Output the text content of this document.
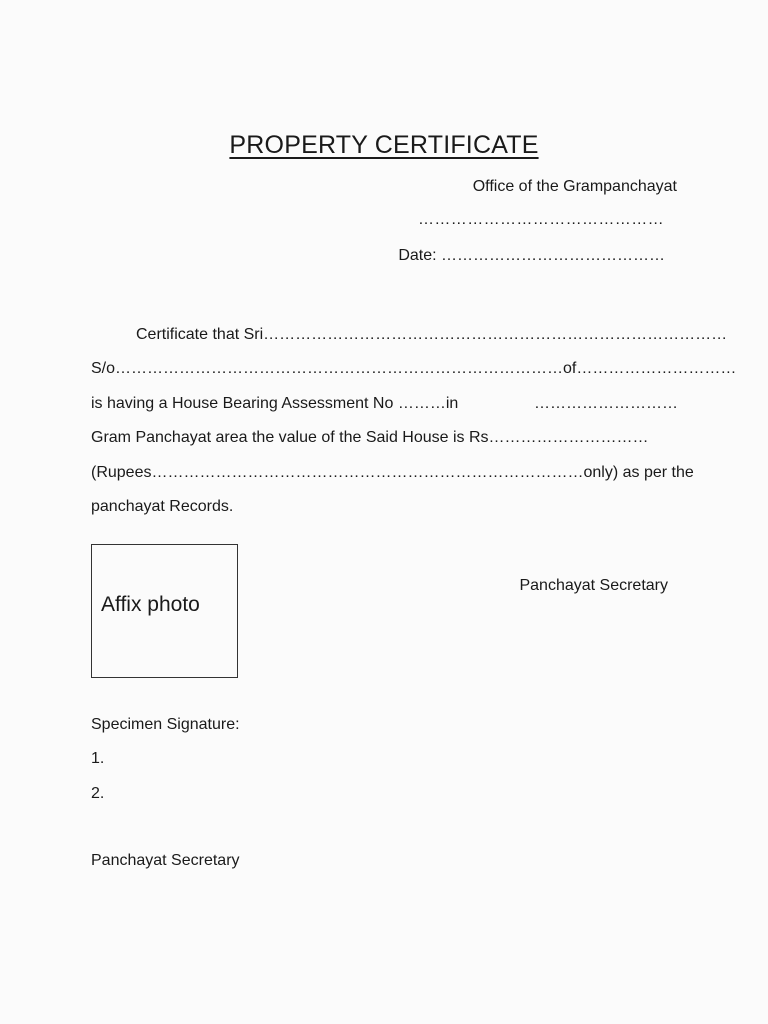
PROPERTY CERTIFICATE
Office of the Grampanchayat
………………………………………
Date: ……………………………………
Certificate that Sri ……………………………………………………………………………
S/o………………………………………………………………………… of…………………………
is having a House Bearing Assessment No ………in	………………………
Gram Panchayat area the value of the Said House is Rs…………………………
(Rupees………………………………………………………………………only) as per the
panchayat Records.
Affix photo
Panchayat Secretary
Specimen Signature:
1.
2.
Panchayat Secretary
